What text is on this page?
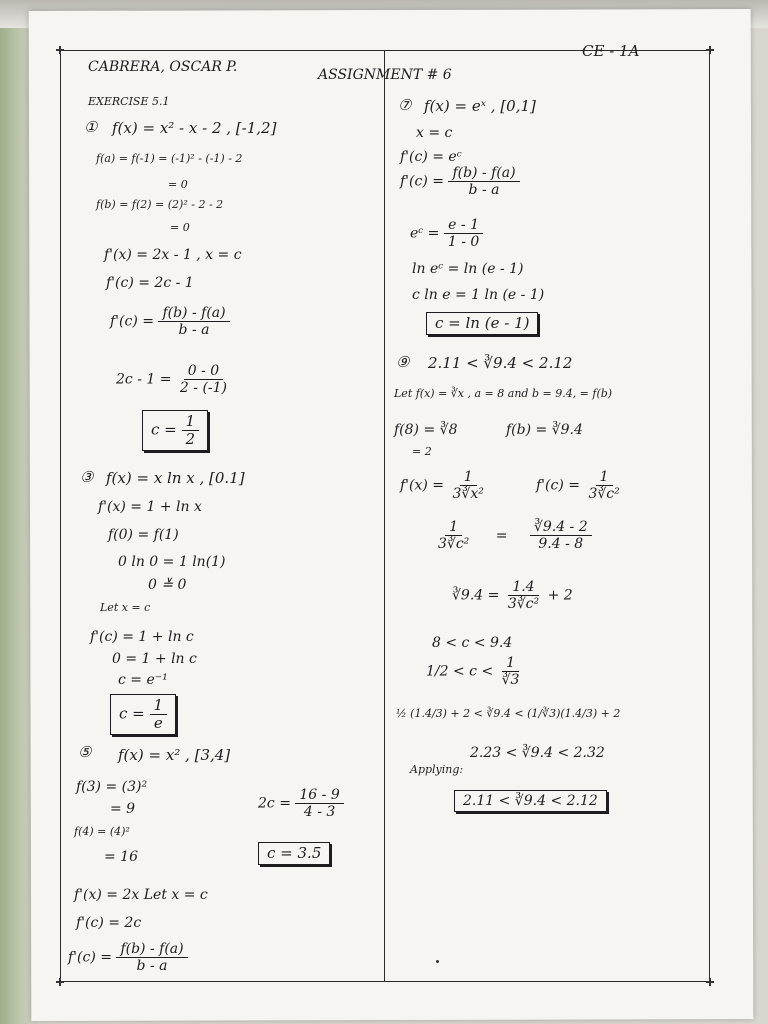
CABRERA, OSCAR P.
CE - 1A
ASSIGNMENT # 6
EXERCISE 5.1
① f(x) = x² - x - 2 , [-1,2]
f(a) = f(-1) = (-1)² - (-1) - 2
= 0
f(b) = f(2) = (2)² - 2 - 2
= 0
f'(x) = 2x - 1 , x = c
f'(c) = 2c - 1
$f'(c) = \frac{f(b) - f(a)}{b - a}$
$2c - 1 = \frac{0 - 0}{2 - (-1)}$
$c = \frac{1}{2}$
③ f(x) = x ln x , [0.1]
f'(x) = 1 + ln x
f(0) = f(1)
0 ln 0 = 1 ln(1)
0 ≚ 0
Let x = c
f'(c) = 1 + ln c
0 = 1 + ln c
c = e⁻¹
$c = \frac{1}{e}$
⑤ f(x) = x² , [3,4]
f(3) = (3)²
= 9
f(4) = (4)²
= 16
$2c = \frac{16 - 9}{4 - 3}$
c = 3.5
f'(x) = 2x Let x = c
f'(c) = 2c
$f'(c) = \frac{f(b) - f(a)}{b - a}$
⑦ f(x) = eˣ , [0,1]
x = c
f'(c) = eᶜ
$f'(c) = \frac{f(b) - f(a)}{b - a}$
eᶜ = $\frac{e - 1}{1 - 0}$
ln eᶜ = ln (e - 1)
c ln e = 1 ln (e - 1)
c = ln (e - 1)
⑨ 2.11 < ∛9.4 < 2.12
Let f(x) = ∛x , a = 8 and b = 9.4, = f(b)
f(8) = ∛8	f(b) = ∛9.4
= 2
$f'(x) = \frac{1}{\text{3∛x²}}$	$f'(c) = \frac{1}{\text{3∛c²}}$
$\frac{1}{\text{3∛c²}} = \frac{∛9.4 - 2}{9.4 - 8}$
∛9.4 = $\frac{1.4}{\text{3∛c²}} + 2$
8 < c < 9.4
$1/2 < c < \frac{1}{∛3}$
½ (1.4/3) + 2 < ∛9.4 < (1/∛3)(1.4/3) + 2
2.23 < ∛9.4 < 2.32
Applying:
2.11 < ∛9.4 < 2.12
